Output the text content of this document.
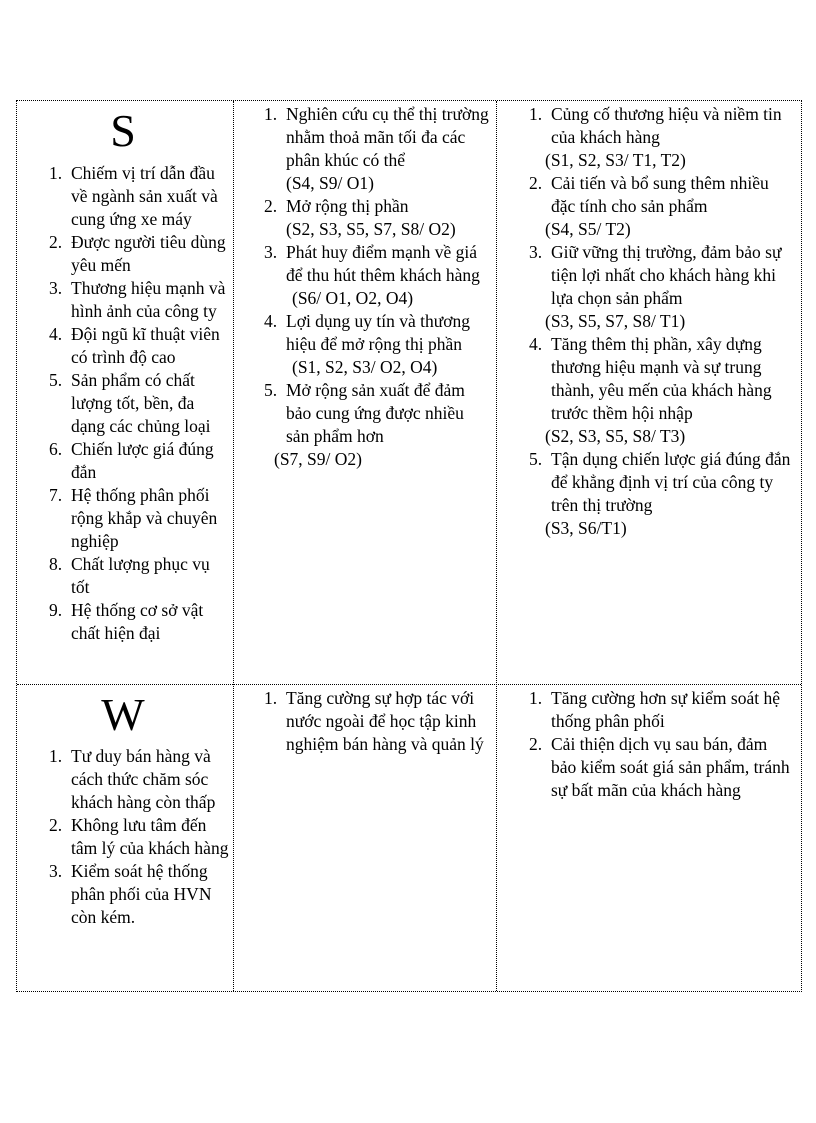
S

1. Chiếm vị trí dẫn đầu về ngành sản xuất và cung ứng xe máy
2. Được người tiêu dùng yêu mến
3. Thương hiệu mạnh và hình ảnh của công ty
4. Đội ngũ kĩ thuật viên có trình độ cao
5. Sản phẩm có chất lượng tốt, bền, đa dạng các chủng loại
6. Chiến lược giá đúng đắn
7. Hệ thống phân phối rộng khắp và chuyên nghiệp
8. Chất lượng phục vụ tốt
9. Hệ thống cơ sở vật chất hiện đại
1. Nghiên cứu cụ thể thị trường nhằm thoả mãn tối đa các phân khúc có thể
(S4, S9/ O1)
2. Mở rộng thị phần
(S2, S3, S5, S7, S8/ O2)
3. Phát huy điểm mạnh về giá để thu hút thêm khách hàng
(S6/ O1, O2, O4)
4. Lợi dụng uy tín và thương hiệu để mở rộng thị phần
(S1, S2, S3/ O2, O4)
5. Mở rộng sản xuất để đảm bảo cung ứng được nhiều sản phẩm hơn
(S7, S9/ O2)
1. Củng cố thương hiệu và niềm tin của khách hàng
(S1, S2, S3/ T1, T2)
2. Cải tiến và bổ sung thêm nhiều đặc tính cho sản phẩm
(S4, S5/ T2)
3. Giữ vững thị trường, đảm bảo sự tiện lợi nhất cho khách hàng khi lựa chọn sản phẩm
(S3, S5, S7, S8/ T1)
4. Tăng thêm thị phần, xây dựng thương hiệu mạnh và sự trung thành, yêu mến của khách hàng trước thềm hội nhập
(S2, S3, S5, S8/ T3)
5. Tận dụng chiến lược giá đúng đắn để khẳng định vị trí của công ty trên thị trường
(S3, S6/T1)

W

1. Tư duy bán hàng và cách thức chăm sóc khách hàng còn thấp
2. Không lưu tâm đến tâm lý của khách hàng
3. Kiểm soát hệ thống phân phối của HVN còn kém.
1. Tăng cường sự hợp tác với nước ngoài để học tập kinh nghiệm bán hàng và quản lý
1. Tăng cường hơn sự kiểm soát hệ thống phân phối
2. Cải thiện dịch vụ sau bán, đảm bảo kiểm soát giá sản phẩm, tránh sự bất mãn của khách hàng
